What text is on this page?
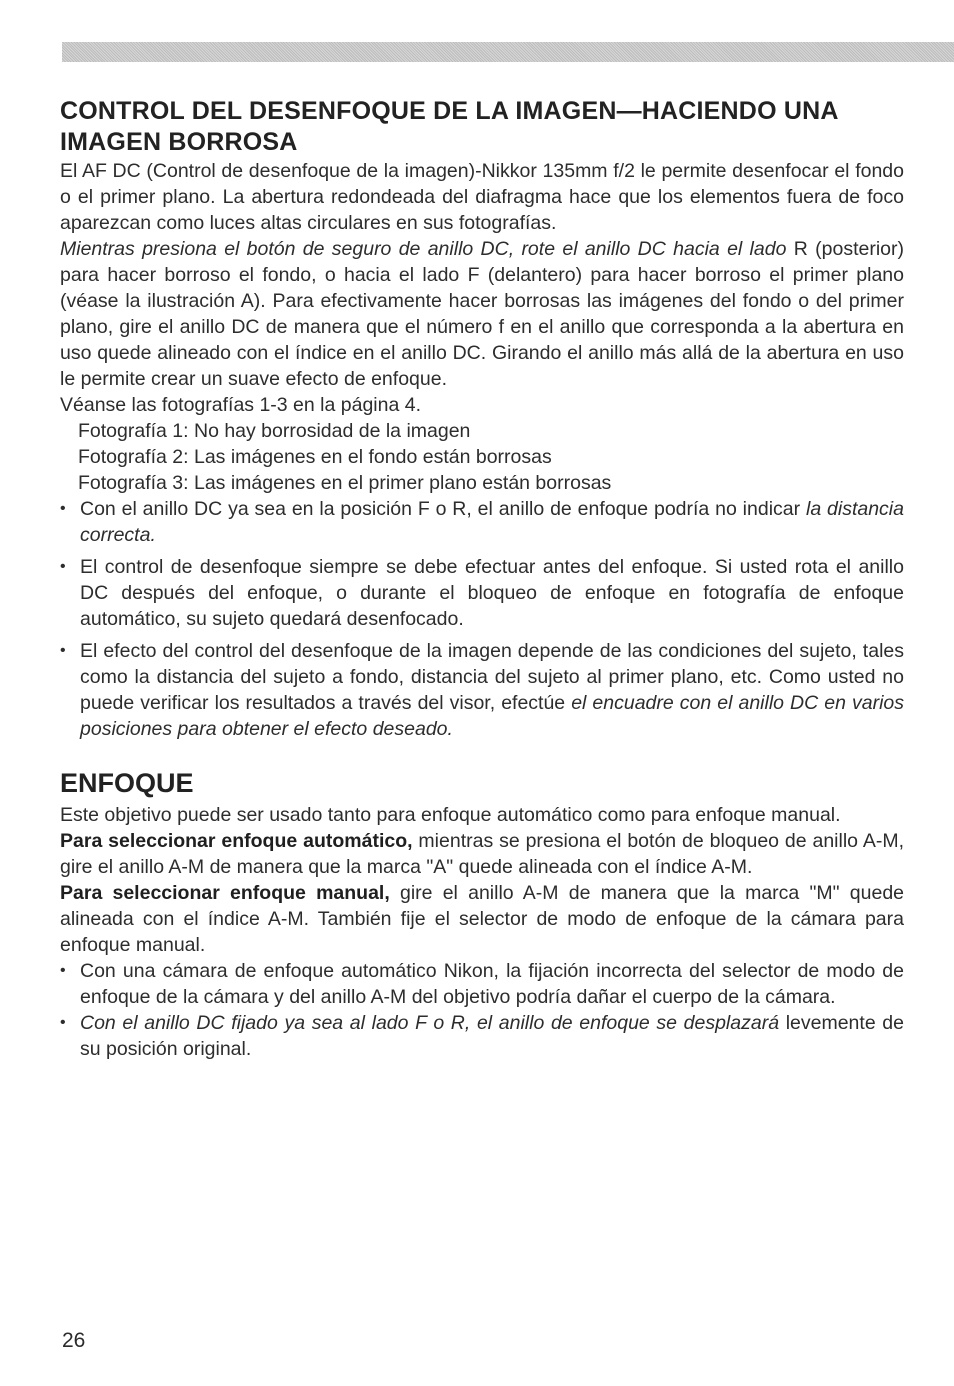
CONTROL DEL DESENFOQUE DE LA IMAGEN—HACIENDO UNA IMAGEN BORROSA

El AF DC (Control de desenfoque de la imagen)-Nikkor 135mm f/2 le permite desenfocar el fondo o el primer plano. La abertura redondeada del diafragma hace que los elementos fuera de foco aparezcan como luces altas circulares en sus fotografías.

Mientras presiona el botón de seguro de anillo DC, rote el anillo DC hacia el lado R (posterior) para hacer borroso el fondo, o hacia el lado F (delantero) para hacer borroso el primer plano (véase la ilustración A). Para efectivamente hacer borrosas las imágenes del fondo o del primer plano, gire el anillo DC de manera que el número f en el anillo que corresponda a la abertura en uso quede alineado con el índice en el anillo DC. Girando el anillo más allá de la abertura en uso le permite crear un suave efecto de enfoque.

Véanse las fotografías 1-3 en la página 4.

Fotografía 1: No hay borrosidad de la imagen

Fotografía 2: Las imágenes en el fondo están borrosas

Fotografía 3: Las imágenes en el primer plano están borrosas

• Con el anillo DC ya sea en la posición F o R, el anillo de enfoque podría no indicar la distancia correcta.

• El control de desenfoque siempre se debe efectuar antes del enfoque. Si usted rota el anillo DC después del enfoque, o durante el bloqueo de enfoque en fotografía de enfoque automático, su sujeto quedará desenfocado.

• El efecto del control del desenfoque de la imagen depende de las condiciones del sujeto, tales como la distancia del sujeto a fondo, distancia del sujeto al primer plano, etc. Como usted no puede verificar los resultados a través del visor, efectúe el encuadre con el anillo DC en varios posiciones para obtener el efecto deseado.

ENFOQUE

Este objetivo puede ser usado tanto para enfoque automático como para enfoque manual.

Para seleccionar enfoque automático, mientras se presiona el botón de bloqueo de anillo A-M, gire el anillo A-M de manera que la marca "A" quede alineada con el índice A-M.

Para seleccionar enfoque manual, gire el anillo A-M de manera que la marca "M" quede alineada con el índice A-M. También fije el selector de modo de enfoque de la cámara para enfoque manual.

• Con una cámara de enfoque automático Nikon, la fijación incorrecta del selector de modo de enfoque de la cámara y del anillo A-M del objetivo podría dañar el cuerpo de la cámara.

• Con el anillo DC fijado ya sea al lado F o R, el anillo de enfoque se desplazará levemente de su posición original.

26
